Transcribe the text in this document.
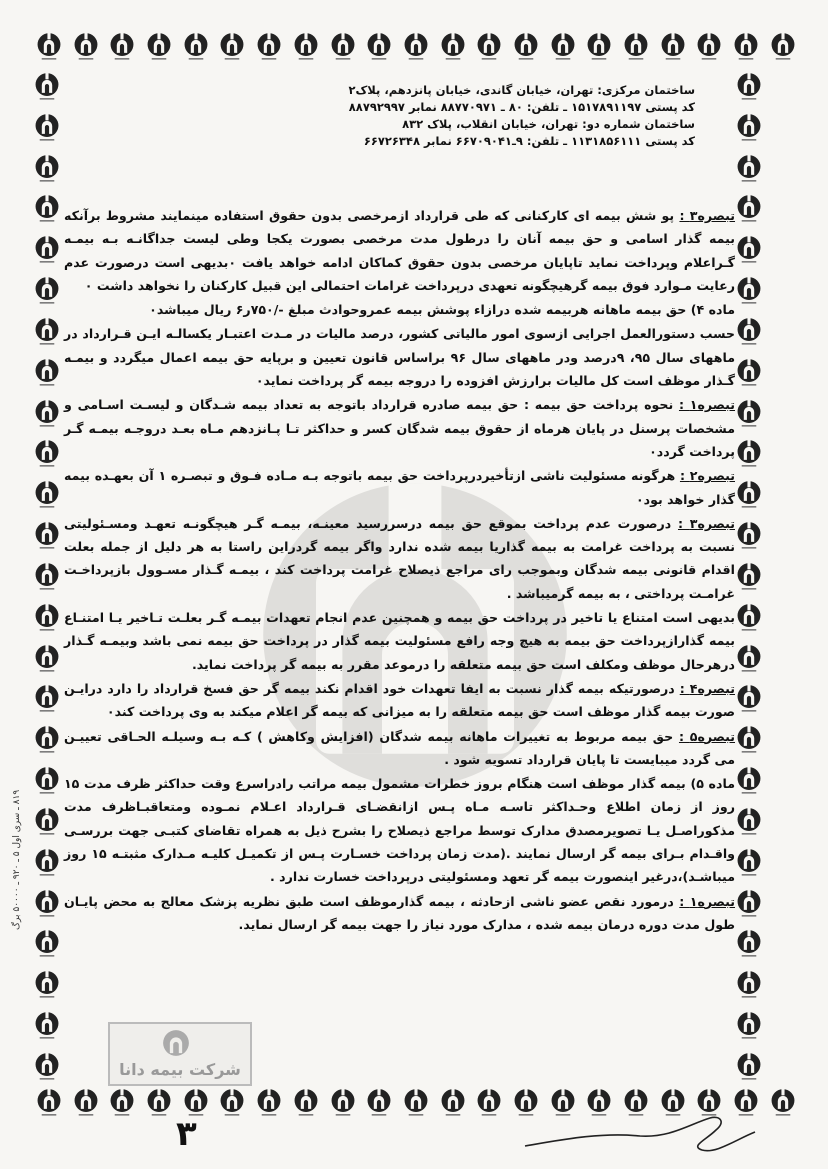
ساختمان مرکزی: تهران، خیابان گاندی، خیابان پانزدهم، پلاک۲
کد پستی ۱۵۱۷۸۹۱۱۹۷ ـ تلفن: ۸۰ ـ ۸۸۷۷۰۹۷۱ نمابر ۸۸۷۹۲۹۹۷
ساختمان شماره دو: تهران، خیابان انقلاب، پلاک ۸۳۲
کد پستی ۱۱۳۱۸۵۶۱۱۱ ـ تلفن: ۹ـ۶۶۷۰۹۰۴۱ نمابر ۶۶۷۲۶۳۴۸

تبصره۳ : پو شش بیمه ای کارکنانی که طی قرارداد ازمرخصی بدون حقوق استفاده مینمایند مشروط برآنکه بیمه گذار اسامی و حق بیمه آنان را درطول مدت مرخصی بصورت یکجا وطی لیست جداگانـه بـه بیمـه گـراعلام وپرداخت نماید تاپایان مرخصی بدون حقوق کماکان ادامه خواهد یافت ٠بدیهی است درصورت عدم رعایت مـوارد فوق بیمه گرهیچگونه تعهدی درپرداخت غرامات احتمالی این قبیل کارکنان را نخواهد داشت ٠

ماده ۴) حق بیمه ماهانه هربیمه شده درازاء پوشش بیمه عمروحوادث مبلغ -/۷۵۰ر۶ ریال میباشد٠

حسب دستورالعمل اجرایی ازسوی امور مالیاتی کشور، درصد مالیات در مـدت اعتبـار یکسالـه ایـن قـرارداد در ماههای سال ۹۵، ۹درصد ودر ماههای سال ۹۶ براساس قانون تعیین و برپایه حق بیمه اعمال میگردد و بیمـه گـذار موظف است کل مالیات برارزش افزوده را دروجه بیمه گر پرداخت نماید٠

تبصره۱ : نحوه پرداخت حق بیمه : حق بیمه صادره قرارداد باتوجه به تعداد بیمه شـدگان و لیسـت اسـامی و مشخصات پرسنل در پایان هرماه از حقوق بیمه شدگان کسر و حداکثر تـا پـانزدهم مـاه بعـد دروجـه بیمـه گـر پرداخت گردد٠

تبصره۲ : هرگونه مسئولیت ناشی ازتأخیردرپرداخت حق بیمه باتوجه بـه مـاده فـوق و تبصـره ۱ آن بعهـده بیمه گذار خواهد بود٠

تبصره۳ : درصورت عدم پرداخت بموقع حق بیمه درسررسید معینـه، بیمـه گـر هیچگونـه تعهـد ومسـئولیتی نسبت به پرداخت غرامت به بیمه گذاریا بیمه شده ندارد واگر بیمه گردراین راستا به هر دلیل از جمله بعلت اقدام قانونی بیمه شدگان وبموجب رای مراجع ذیصلاح غرامت پرداخت کند ، بیمـه گـذار مسـوول بازپرداخـت غرامـت پرداختی ، به بیمه گرمیباشد .

بدیهی است امتناع یا تاخیر در پرداخت حق بیمه و همچنین عدم انجام تعهدات بیمـه گـر بعلـت تـاخیر یـا امتنـاع بیمه گذارازپرداخت حق بیمه به هیچ وجه رافع مسئولیت بیمه گذار در پرداخت حق بیمه نمی باشد وبیمـه گـذار درهرحال موظف ومکلف است حق بیمه متعلقه را درموعد مقرر به بیمه گر پرداخت نماید.

تبصره۴ : درصورتیکه بیمه گذار نسبت به ایفا تعهدات خود اقدام نکند بیمه گر حق فسخ قرارداد را دارد درایـن صورت بیمه گذار موظف است حق بیمه متعلقه را به میزانی که بیمه گر اعلام میکند به وی پرداخت کند٠

تبصره۵ : حق بیمه مربوط به تغییرات ماهانه بیمه شدگان (افزایش وکاهش ) کـه بـه وسیلـه الحـاقی تعییـن می گردد میبایست تا پایان قرارداد تسویه شود .

ماده ۵) بیمه گذار موظف است هنگام بروز خطرات مشمول بیمه مراتب رادراسرع وقت حداکثر ظرف مدت ۱۵ روز از زمان اطلاع وحـداکثر تاسـه مـاه پـس ازانقضـای قـرارداد اعـلام نمـوده ومتعاقبـاظرف مدت مذکوراصـل یـا تصویرمصدق مدارک توسط مراجع ذیصلاح را بشرح ذیل به همراه تقاضای کتبـی جهت بررسـی واقـدام بـرای بیمه گر ارسال نمایند .(مدت زمان پرداخت خسـارت پـس از تکمیـل کلیـه مـدارک مثبتـه ۱۵ روز میباشـد)،درغیر اینصورت بیمه گر تعهد ومسئولیتی درپرداخت خسارت ندارد .

تبصره۱ : درمورد نقص عضو ناشی ازحادثه ، بیمه گذارموظف است طبق نظریه پزشک معالج به محض پایـان طول مدت دوره درمان بیمه شده ، مدارک مورد نیاز را جهت بیمه گر ارسال نماید.

۸۱۹ ـ سری اول ۵ ـ ۹۲۰ ـ ۵۰۰۰۰ برگ
شرکت بیمه دانا
۳
